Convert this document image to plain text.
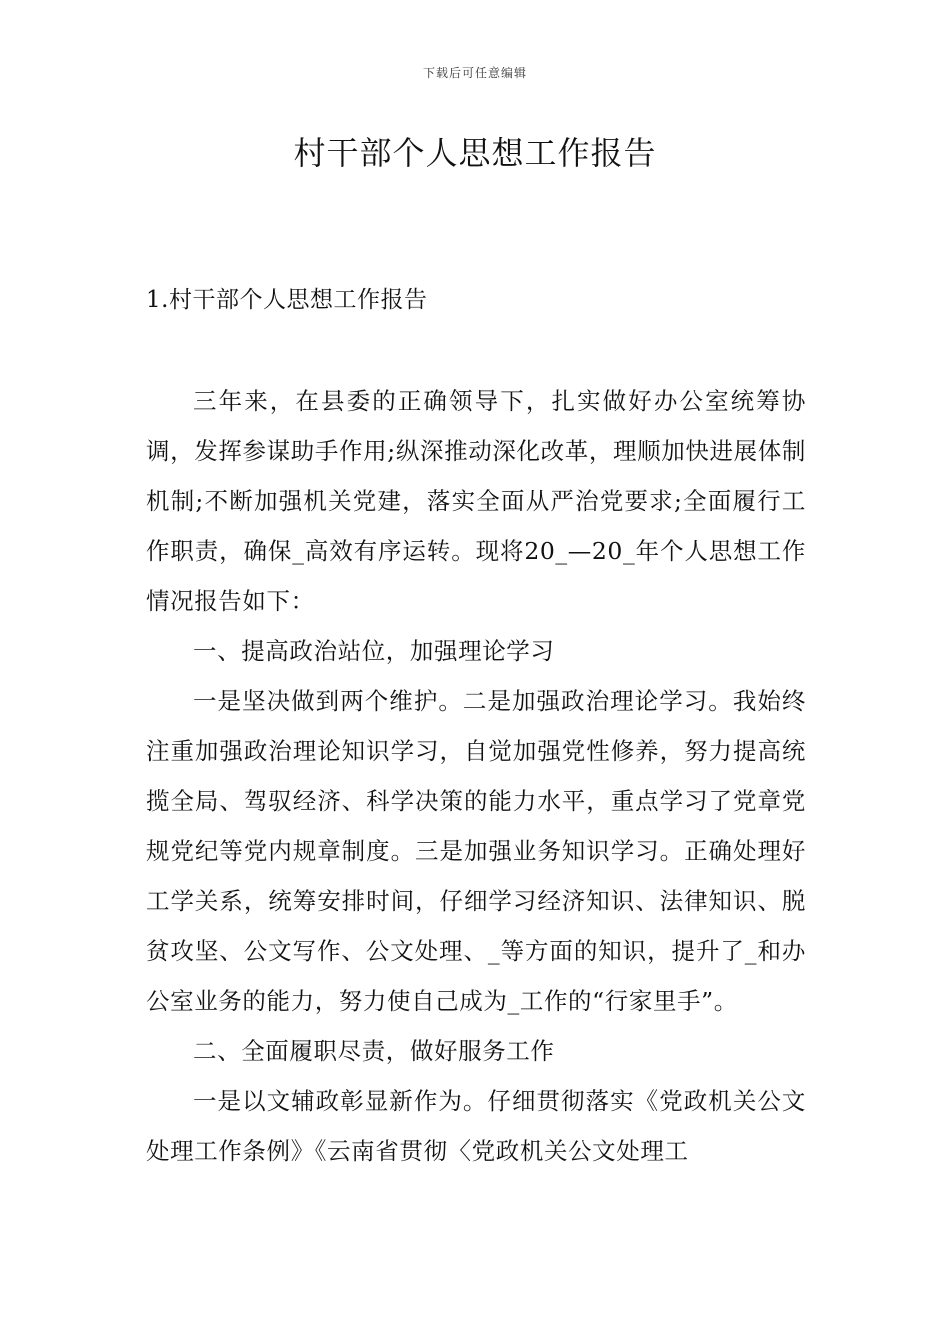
下载后可任意编辑
村干部个人思想工作报告
1.村干部个人思想工作报告

三年来，在县委的正确领导下，扎实做好办公室统筹协调，发挥参谋助手作用;纵深推动深化改革，理顺加快进展体制机制;不断加强机关党建，落实全面从严治党要求;全面履行工作职责，确保_高效有序运转。现将20_—20_年个人思想工作情况报告如下：

一、提高政治站位，加强理论学习

一是坚决做到两个维护。二是加强政治理论学习。我始终注重加强政治理论知识学习，自觉加强党性修养，努力提高统揽全局、驾驭经济、科学决策的能力水平，重点学习了党章党规党纪等党内规章制度。三是加强业务知识学习。正确处理好工学关系，统筹安排时间，仔细学习经济知识、法律知识、脱贫攻坚、公文写作、公文处理、_等方面的知识，提升了_和办公室业务的能力，努力使自己成为_工作的“行家里手”。

二、全面履职尽责，做好服务工作

一是以文辅政彰显新作为。仔细贯彻落实《党政机关公文处理工作条例》《云南省贯彻〈党政机关公文处理工
